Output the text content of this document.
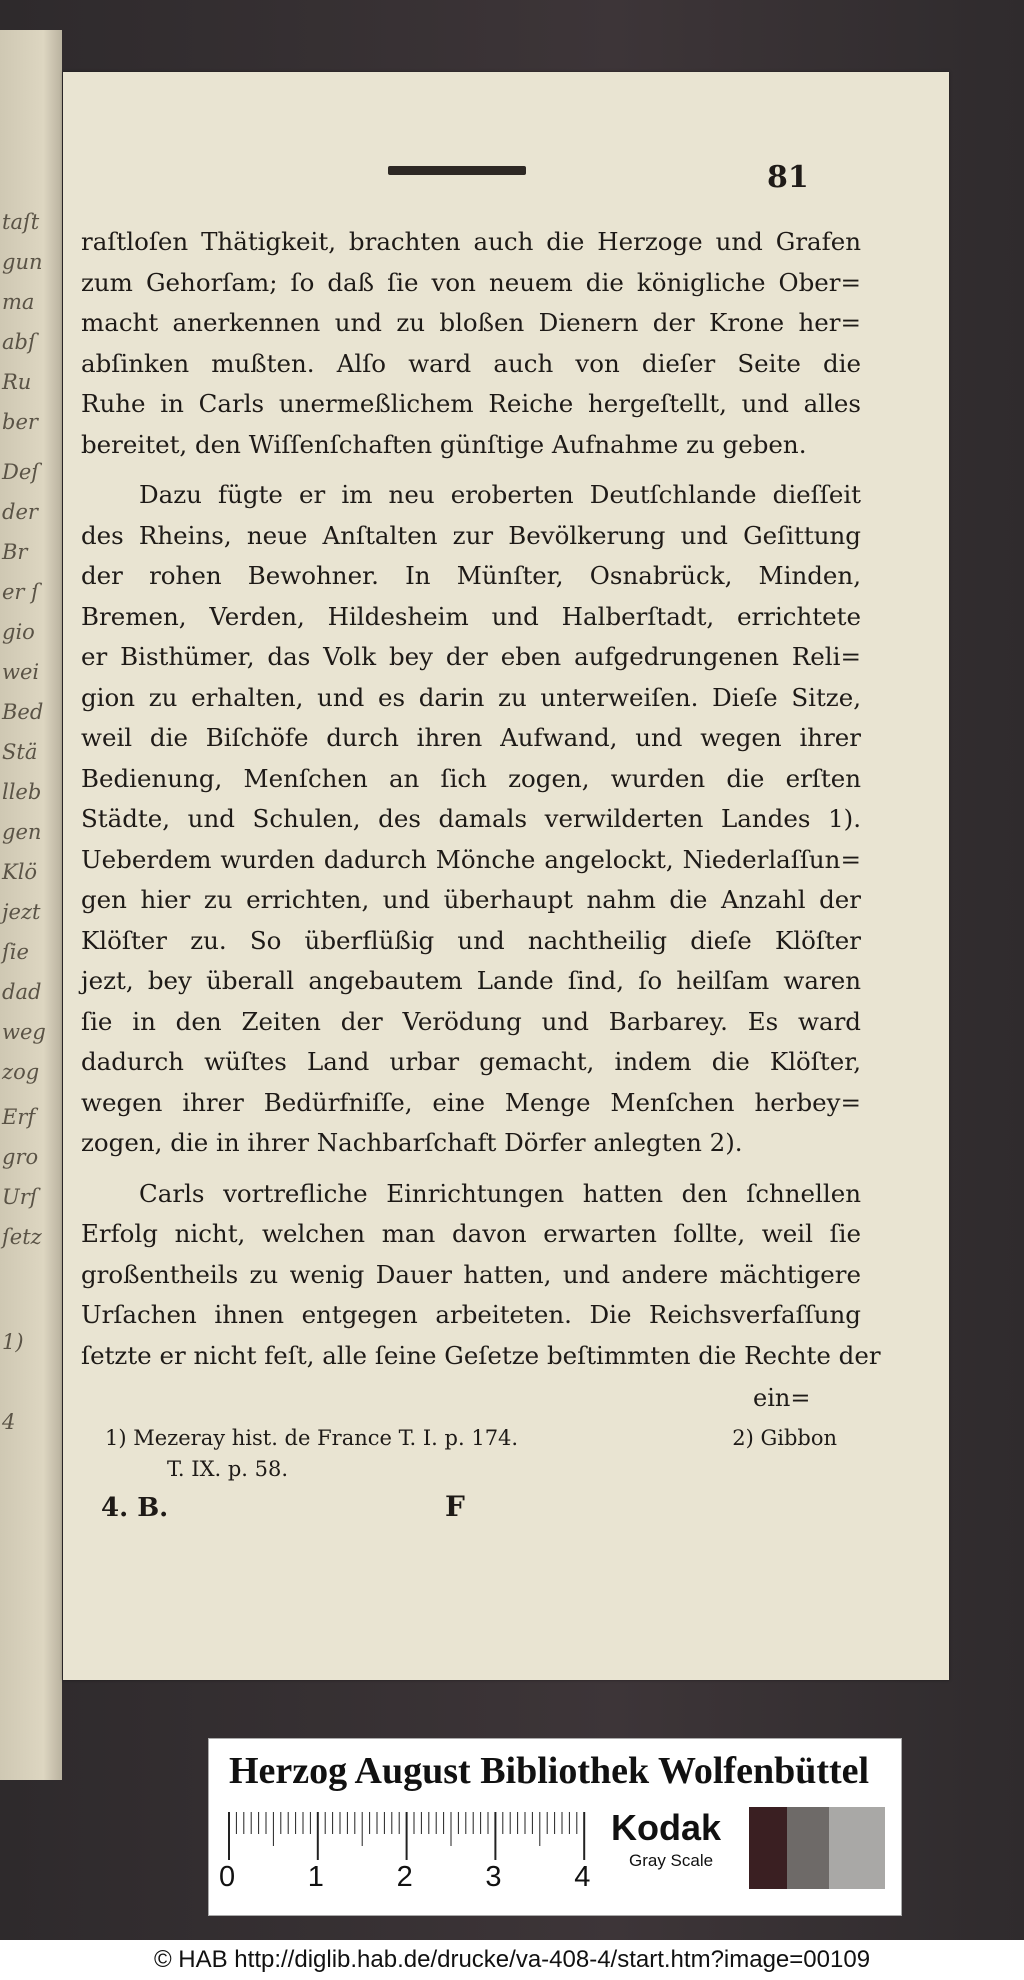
4
1)
ſetz
Urſ
gro
Erf
zog
weg
dad
ſie
jezt
Klö
gen
lleb
Stä
Bed
wei
gio
er ſ
Br
der
Deſ
ber
Ru
abſ
ma
gun
taſt
81
raſtloſen Thätigkeit, brachten auch die Herzoge und Grafen
zum Gehorſam; ſo daß ſie von neuem die königliche Ober=
macht anerkennen und zu bloßen Dienern der Krone her=
abſinken mußten. Alſo ward auch von dieſer Seite die
Ruhe in Carls unermeßlichem Reiche hergeſtellt, und alles
bereitet, den Wiſſenſchaften günſtige Aufnahme zu geben.
Dazu fügte er im neu eroberten Deutſchlande dieſſeit
des Rheins, neue Anſtalten zur Bevölkerung und Geſittung
der rohen Bewohner. In Münſter, Osnabrück, Minden,
Bremen, Verden, Hildesheim und Halberſtadt, errichtete
er Bisthümer, das Volk bey der eben aufgedrungenen Reli=
gion zu erhalten, und es darin zu unterweiſen. Dieſe Sitze,
weil die Biſchöfe durch ihren Aufwand, und wegen ihrer
Bedienung, Menſchen an ſich zogen, wurden die erſten
Städte, und Schulen, des damals verwilderten Landes 1).
Ueberdem wurden dadurch Mönche angelockt, Niederlaſſun=
gen hier zu errichten, und überhaupt nahm die Anzahl der
Klöſter zu. So überflüßig und nachtheilig dieſe Klöſter
jezt, bey überall angebautem Lande ſind, ſo heilſam waren
ſie in den Zeiten der Verödung und Barbarey. Es ward
dadurch wüſtes Land urbar gemacht, indem die Klöſter,
wegen ihrer Bedürfniſſe, eine Menge Menſchen herbey=
zogen, die in ihrer Nachbarſchaft Dörfer anlegten 2).
Carls vortrefliche Einrichtungen hatten den ſchnellen
Erfolg nicht, welchen man davon erwarten ſollte, weil ſie
großentheils zu wenig Dauer hatten, und andere mächtigere
Urſachen ihnen entgegen arbeiteten. Die Reichsverfaſſung
ſetzte er nicht feſt, alle ſeine Geſetze beſtimmten die Rechte der
ein=
1) Mezeray hist. de France T. I. p. 174.	2) Gibbon
T. IX. p. 58.
4. B.	F
Herzog August Bibliothek Wolfenbüttel
0	1	2	3	4
Kodak
Gray Scale
© HAB http://diglib.hab.de/drucke/va-408-4/start.htm?image=00109
